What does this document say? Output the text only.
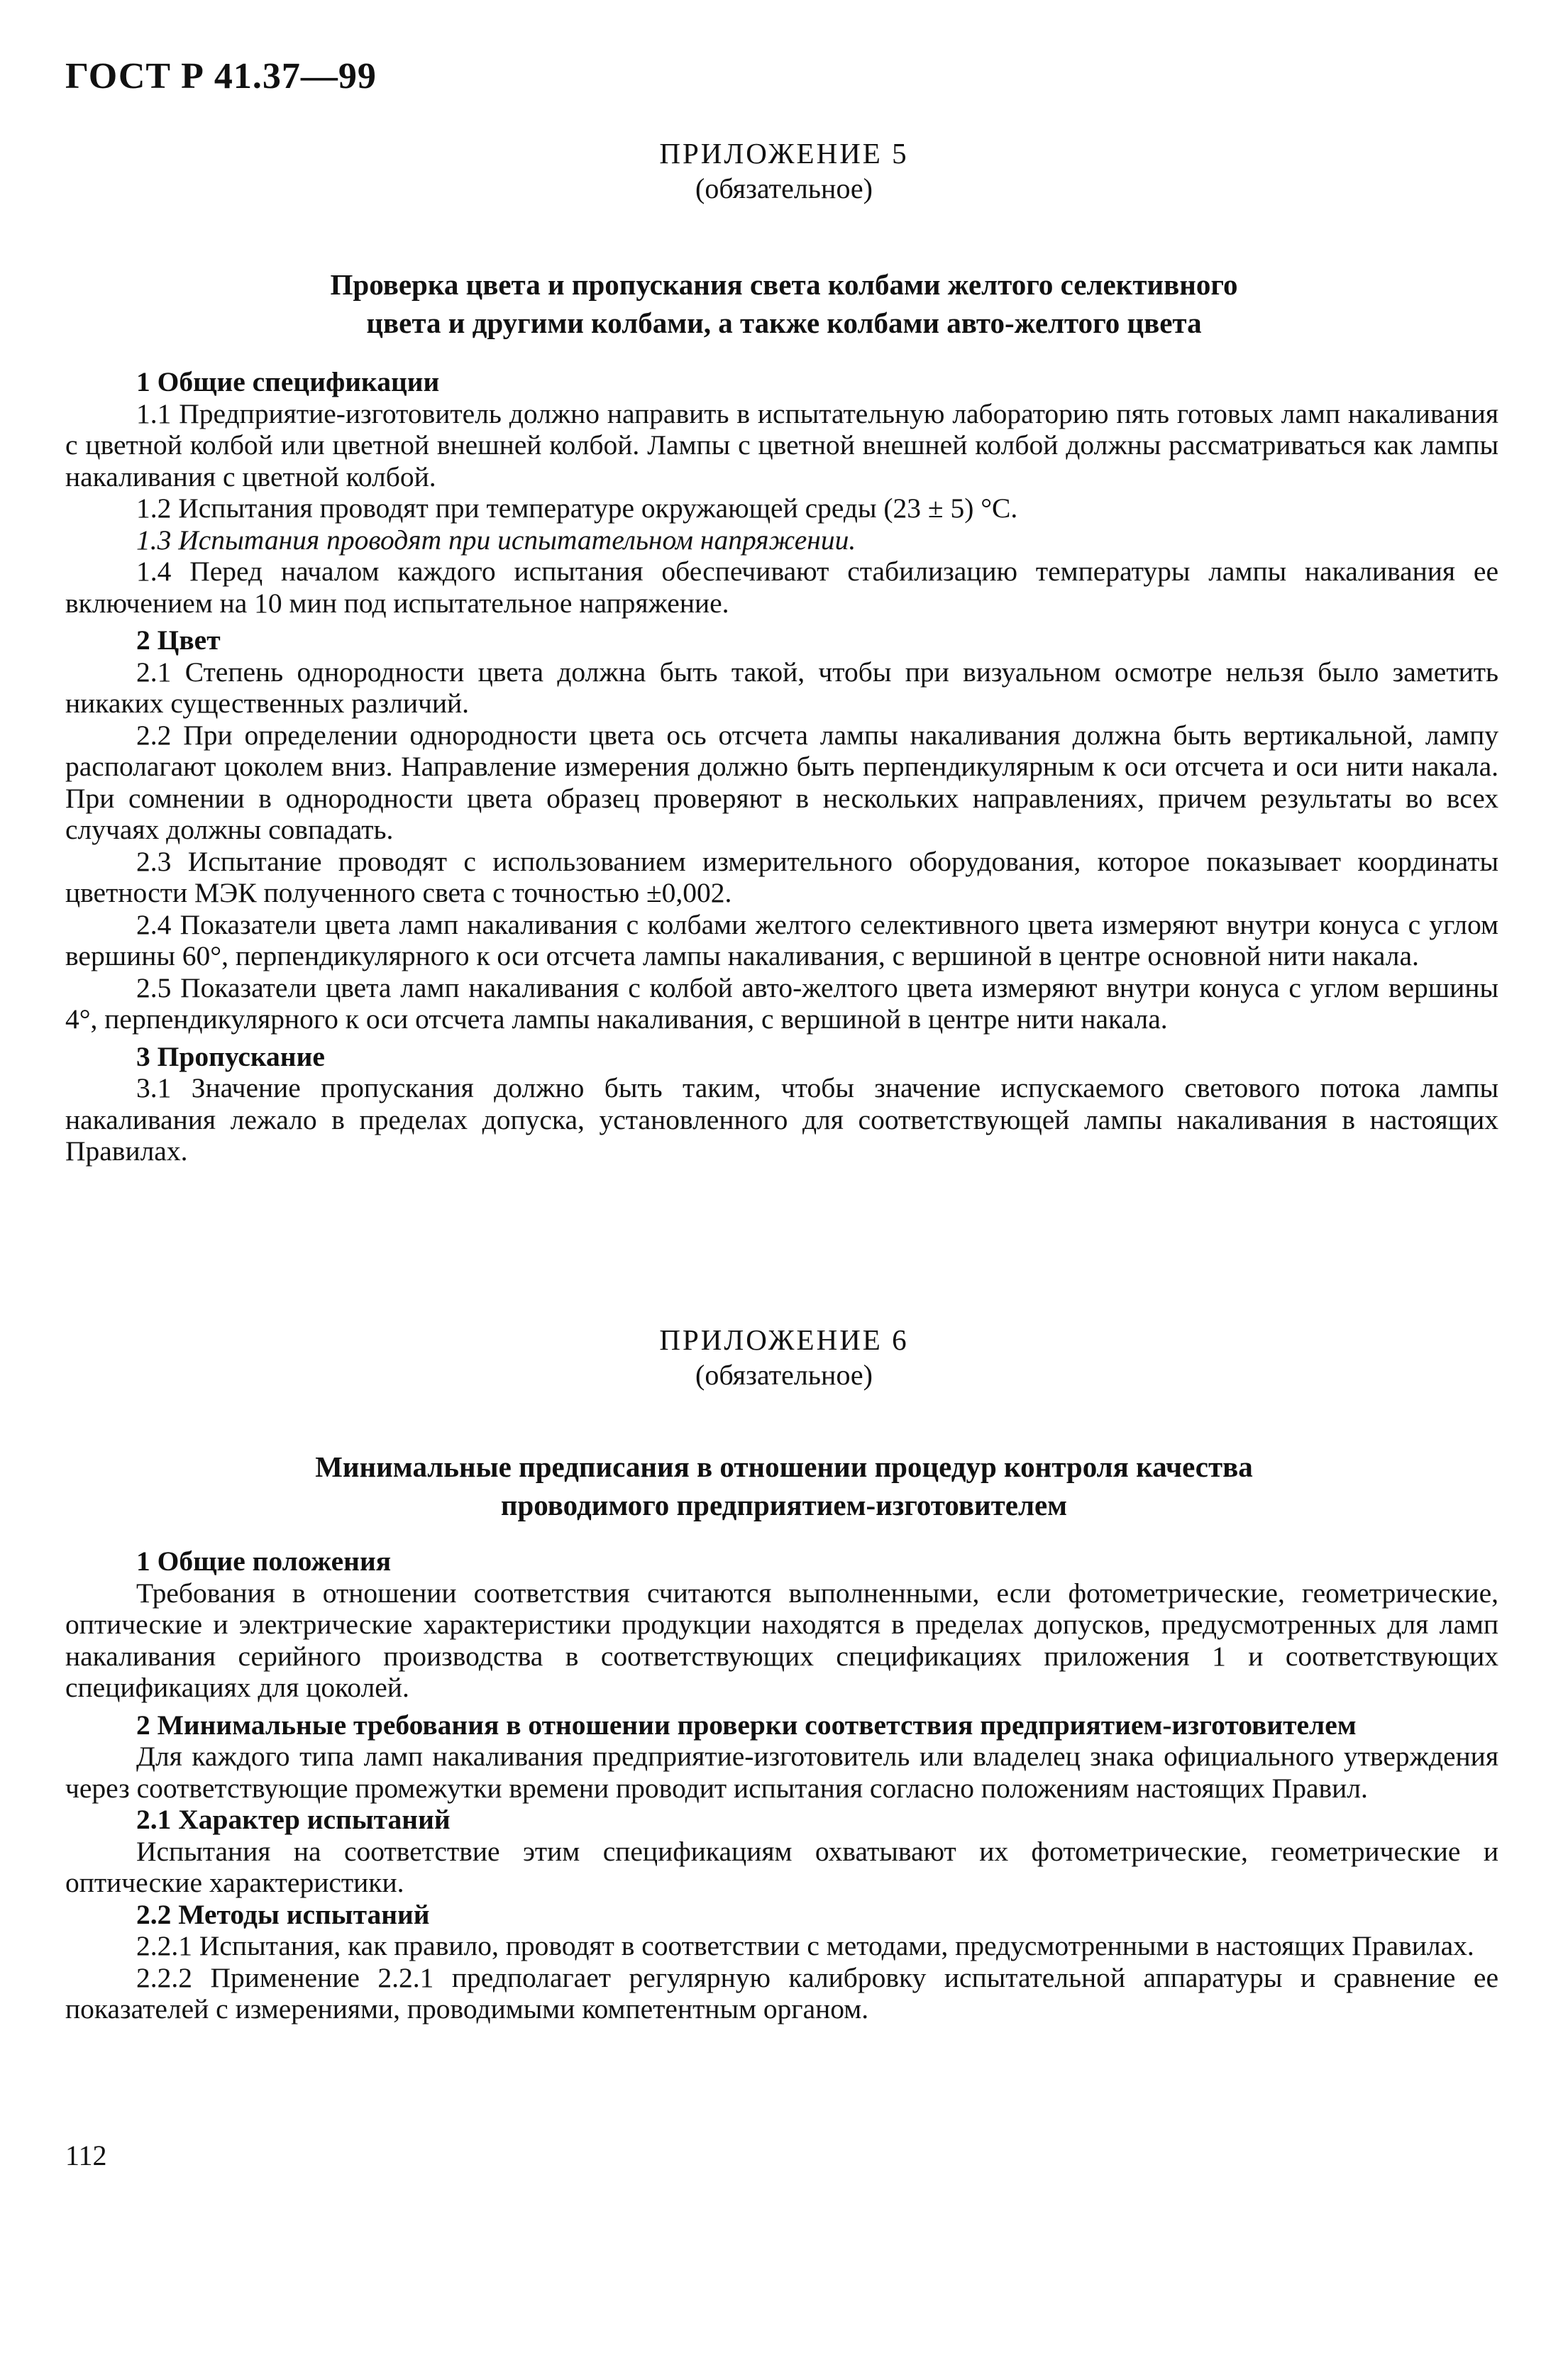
ГОСТ Р 41.37—99
ПРИЛОЖЕНИЕ 5
(обязательное)
Проверка цвета и пропускания света колбами желтого селективного
цвета и другими колбами, а также колбами авто-желтого цвета
1 Общие спецификации

1.1 Предприятие-изготовитель должно направить в испытательную лабораторию пять готовых ламп накаливания с цветной колбой или цветной внешней колбой. Лампы с цветной внешней колбой должны рассматриваться как лампы накаливания с цветной колбой.

1.2 Испытания проводят при температуре окружающей среды (23 ± 5) °С.

1.3 Испытания проводят при испытательном напряжении.

1.4 Перед началом каждого испытания обеспечивают стабилизацию температуры лампы накаливания ее включением на 10 мин под испытательное напряжение.

2 Цвет

2.1 Степень однородности цвета должна быть такой, чтобы при визуальном осмотре нельзя было заметить никаких существенных различий.

2.2 При определении однородности цвета ось отсчета лампы накаливания должна быть вертикальной, лампу располагают цоколем вниз. Направление измерения должно быть перпендикулярным к оси отсчета и оси нити накала. При сомнении в однородности цвета образец проверяют в нескольких направлениях, причем результаты во всех случаях должны совпадать.

2.3 Испытание проводят с использованием измерительного оборудования, которое показывает координаты цветности МЭК полученного света с точностью ±0,002.

2.4 Показатели цвета ламп накаливания с колбами желтого селективного цвета измеряют внутри конуса с углом вершины 60°, перпендикулярного к оси отсчета лампы накаливания, с вершиной в центре основной нити накала.

2.5 Показатели цвета ламп накаливания с колбой авто-желтого цвета измеряют внутри конуса с углом вершины 4°, перпендикулярного к оси отсчета лампы накаливания, с вершиной в центре нити накала.

3 Пропускание

3.1 Значение пропускания должно быть таким, чтобы значение испускаемого светового потока лампы накаливания лежало в пределах допуска, установленного для соответствующей лампы накаливания в настоящих Правилах.

ПРИЛОЖЕНИЕ 6
(обязательное)
Минимальные предписания в отношении процедур контроля качества
проводимого предприятием-изготовителем
1 Общие положения

Требования в отношении соответствия считаются выполненными, если фотометрические, геометрические, оптические и электрические характеристики продукции находятся в пределах допусков, предусмотренных для ламп накаливания серийного производства в соответствующих спецификациях приложения 1 и соответствующих спецификациях для цоколей.

2 Минимальные требования в отношении проверки соответствия предприятием-изготовителем

Для каждого типа ламп накаливания предприятие-изготовитель или владелец знака официального утверждения через соответствующие промежутки времени проводит испытания согласно положениям настоящих Правил.

2.1 Характер испытаний

Испытания на соответствие этим спецификациям охватывают их фотометрические, геометрические и оптические характеристики.

2.2 Методы испытаний

2.2.1 Испытания, как правило, проводят в соответствии с методами, предусмотренными в настоящих Правилах.

2.2.2 Применение 2.2.1 предполагает регулярную калибровку испытательной аппаратуры и сравнение ее показателей с измерениями, проводимыми компетентным органом.

112
